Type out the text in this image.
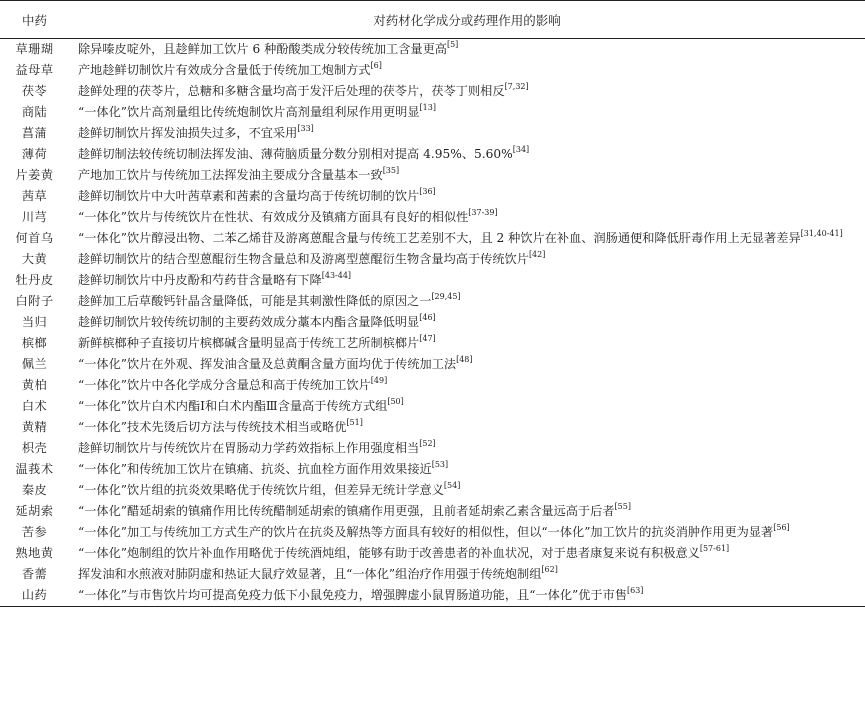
中药	对药材化学成分或药理作用的影响
草珊瑚	除异嗪皮啶外，且趁鲜加工饮片 6 种酚酸类成分较传统加工含量更高[5]
益母草	产地趁鲜切制饮片有效成分含量低于传统加工炮制方式[6]
茯苓	趁鲜处理的茯苓片，总糖和多糖含量均高于发汗后处理的茯苓片，茯苓丁则相反[7,32]
商陆	“一体化”饮片高剂量组比传统炮制饮片高剂量组利尿作用更明显[13]
菖蒲	趁鲜切制饮片挥发油损失过多，不宜采用[33]
薄荷	趁鲜切制法较传统切制法挥发油、薄荷脑质量分数分别相对提高 4.95%、5.60%[34]
片姜黄	产地加工饮片与传统加工法挥发油主要成分含量基本一致[35]
茜草	趁鲜切制饮片中大叶茜草素和茜素的含量均高于传统切制的饮片[36]
川芎	“一体化”饮片与传统饮片在性状、有效成分及镇痛方面具有良好的相似性[37-39]
何首乌	“一体化”饮片醇浸出物、二苯乙烯苷及游离蒽醌含量与传统工艺差别不大，且 2 种饮片在补血、润肠通便和降低肝毒作用上无显著差异[31,40-41]
大黄	趁鲜切制饮片的结合型蒽醌衍生物含量总和及游离型蒽醌衍生物含量均高于传统饮片[42]
牡丹皮	趁鲜切制饮片中丹皮酚和芍药苷含量略有下降[43-44]
白附子	趁鲜加工后草酸钙针晶含量降低，可能是其刺激性降低的原因之一[29,45]
当归	趁鲜切制饮片较传统切制的主要药效成分藁本内酯含量降低明显[46]
槟榔	新鲜槟榔种子直接切片槟榔碱含量明显高于传统工艺所制槟榔片[47]
佩兰	“一体化”饮片在外观、挥发油含量及总黄酮含量方面均优于传统加工法[48]
黄柏	“一体化”饮片中各化学成分含量总和高于传统加工饮片[49]
白术	“一体化”饮片白术内酯Ⅰ和白术内酯Ⅲ含量高于传统方式组[50]
黄精	“一体化”技术先烫后切方法与传统技术相当或略优[51]
枳壳	趁鲜切制饮片与传统饮片在胃肠动力学药效指标上作用强度相当[52]
温莪术	“一体化”和传统加工饮片在镇痛、抗炎、抗血栓方面作用效果接近[53]
秦皮	“一体化”饮片组的抗炎效果略优于传统饮片组，但差异无统计学意义[54]
延胡索	“一体化”醋延胡索的镇痛作用比传统醋制延胡索的镇痛作用更强，且前者延胡索乙素含量远高于后者[55]
苦参	“一体化”加工与传统加工方式生产的饮片在抗炎及解热等方面具有较好的相似性，但以“一体化”加工饮片的抗炎消肿作用更为显著[56]
熟地黄	“一体化”炮制组的饮片补血作用略优于传统酒炖组，能够有助于改善患者的补血状况，对于患者康复来说有积极意义[57-61]
香薷	挥发油和水煎液对肺阴虚和热证大鼠疗效显著，且“一体化”组治疗作用强于传统炮制组[62]
山药	“一体化”与市售饮片均可提高免疫力低下小鼠免疫力，增强脾虚小鼠胃肠道功能，且“一体化”优于市售[63]
